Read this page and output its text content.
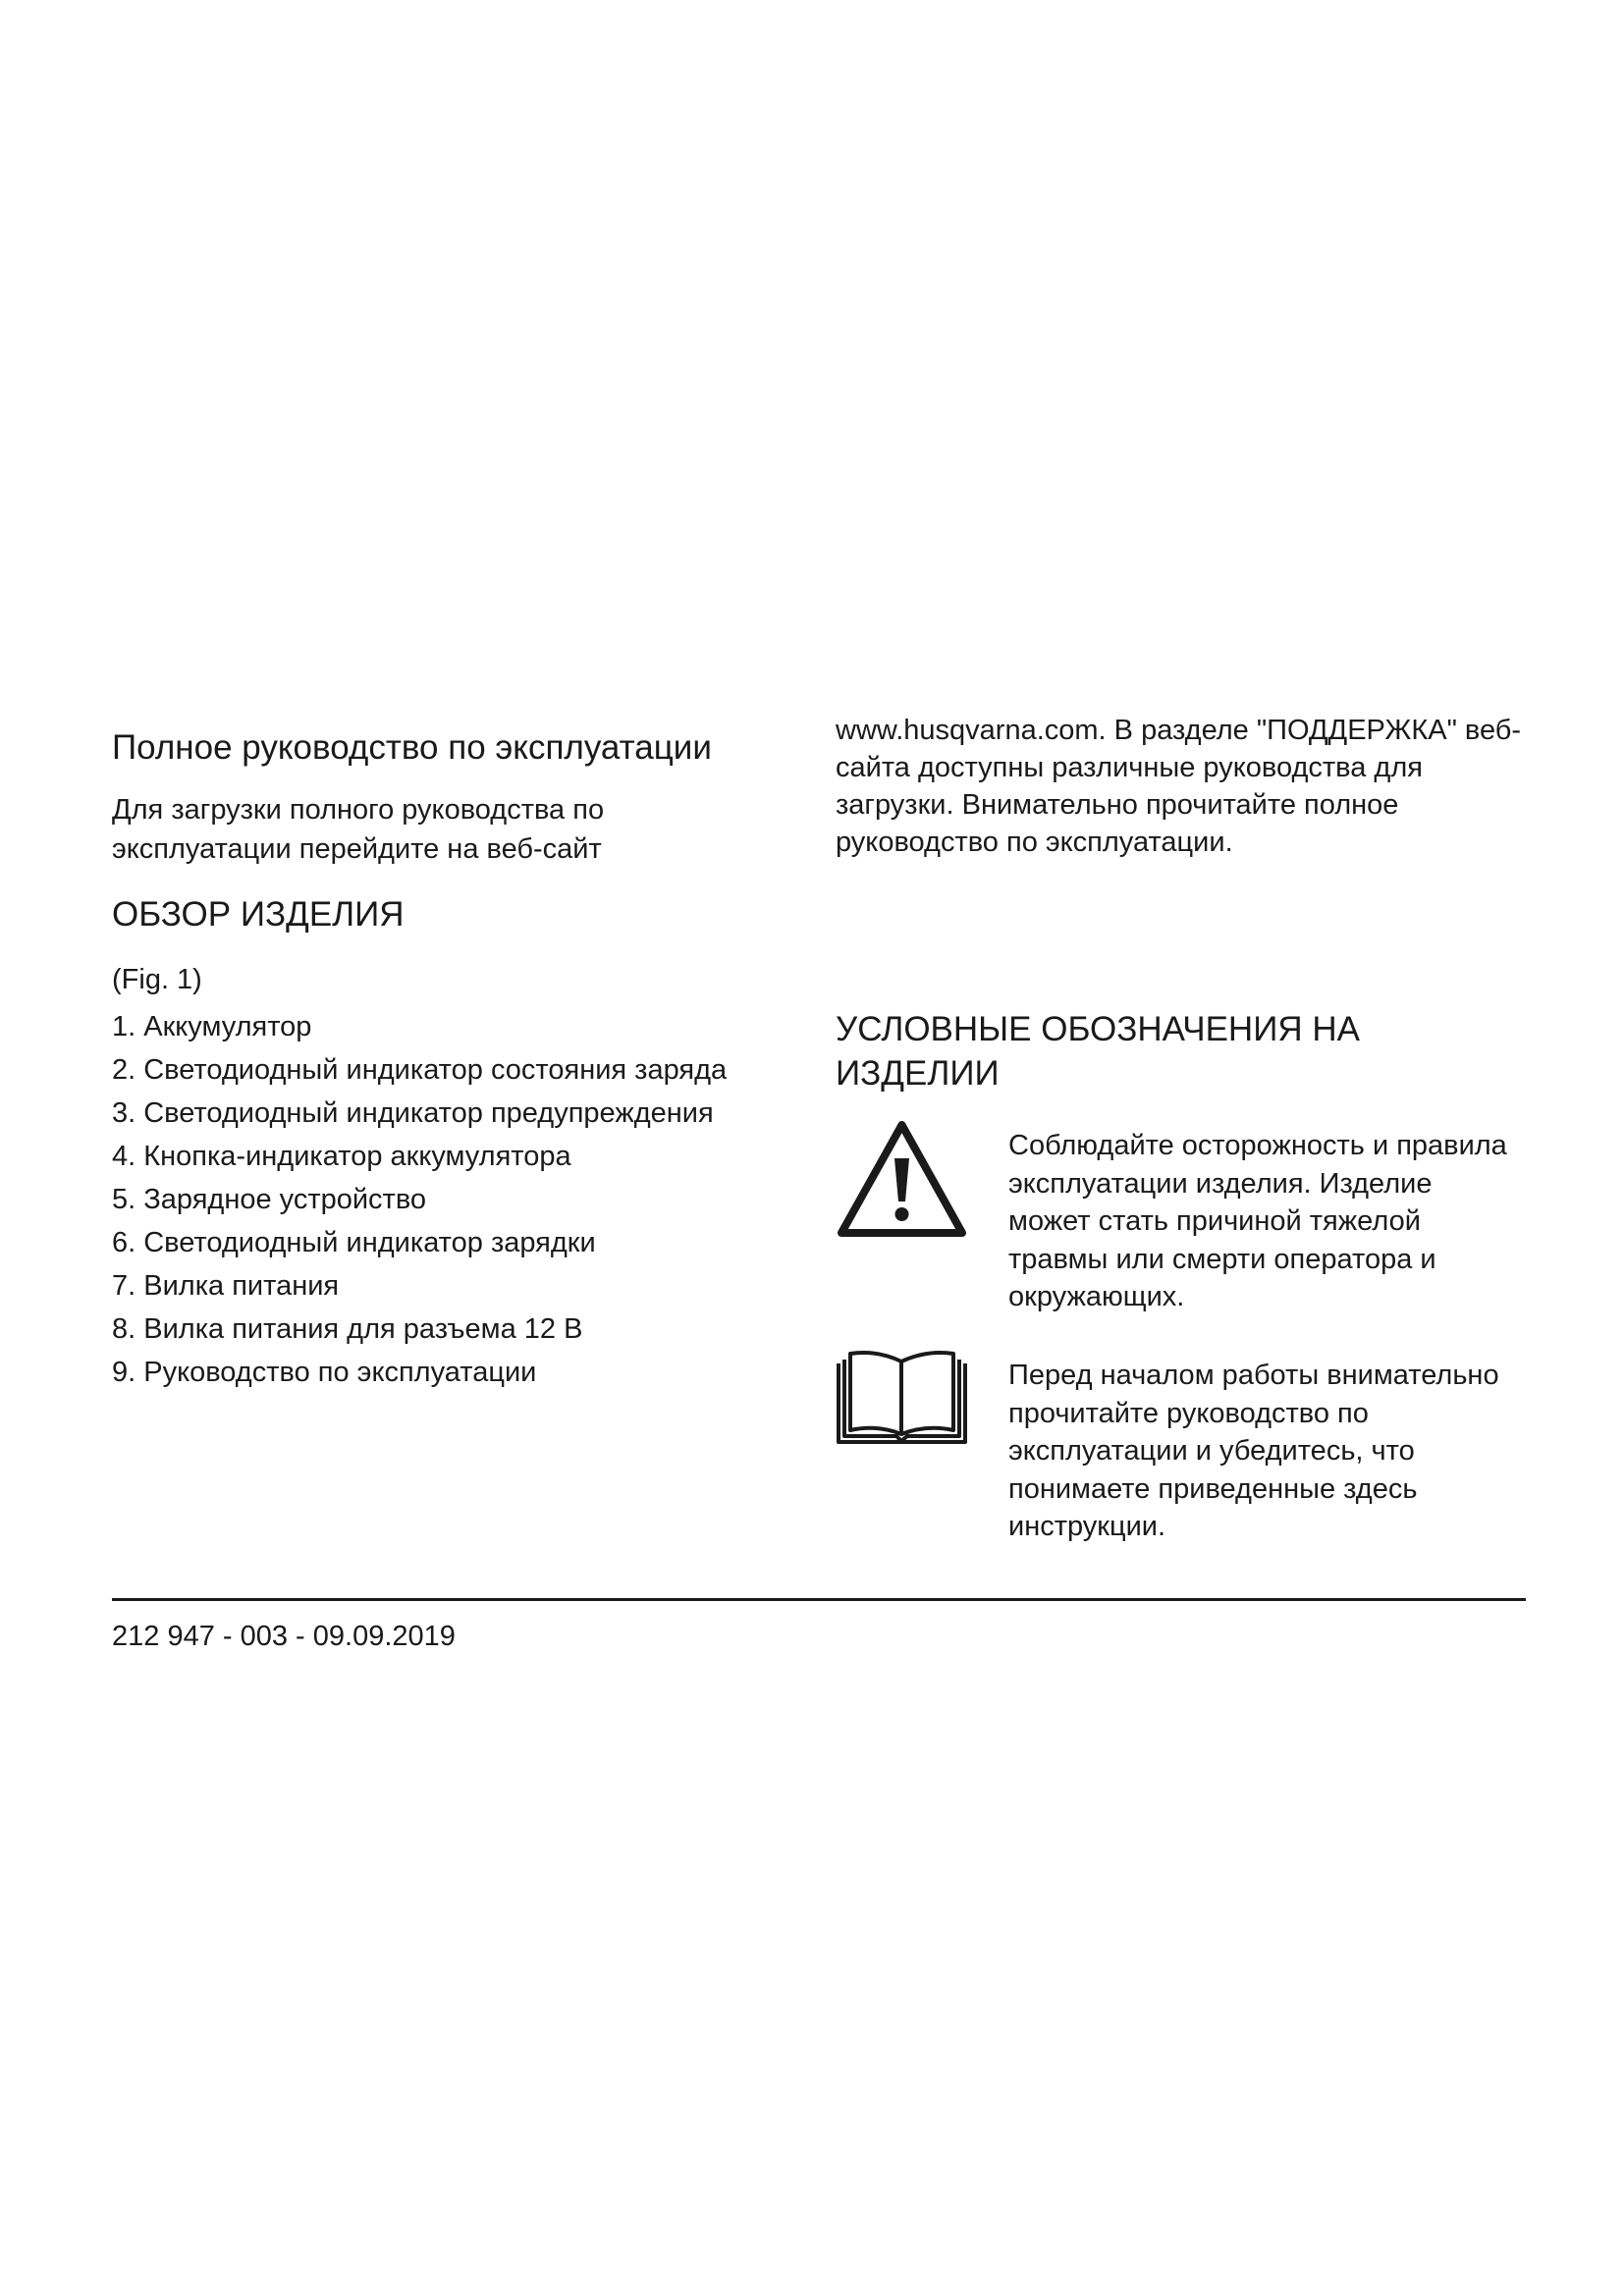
Полное руководство по эксплуатации

Для загрузки полного руководства по эксплуатации перейдите на веб-сайт

ОБЗОР ИЗДЕЛИЯ

(Fig. 1)

1. Аккумулятор
2. Светодиодный индикатор состояния заряда
3. Светодиодный индикатор предупреждения
4. Кнопка-индикатор аккумулятора
5. Зарядное устройство
6. Светодиодный индикатор зарядки
7. Вилка питания
8. Вилка питания для разъема 12 В
9. Руководство по эксплуатации

www.husqvarna.com. В разделе "ПОДДЕРЖКА" веб-сайта доступны различные руководства для загрузки. Внимательно прочитайте полное руководство по эксплуатации.

УСЛОВНЫЕ ОБОЗНАЧЕНИЯ НА ИЗДЕЛИИ

Соблюдайте осторожность и правила эксплуатации изделия. Изделие может стать причиной тяжелой травмы или смерти оператора и окружающих.

Перед началом работы внимательно прочитайте руководство по эксплуатации и убедитесь, что понимаете приведенные здесь инструкции.

212 947 - 003 - 09.09.2019
